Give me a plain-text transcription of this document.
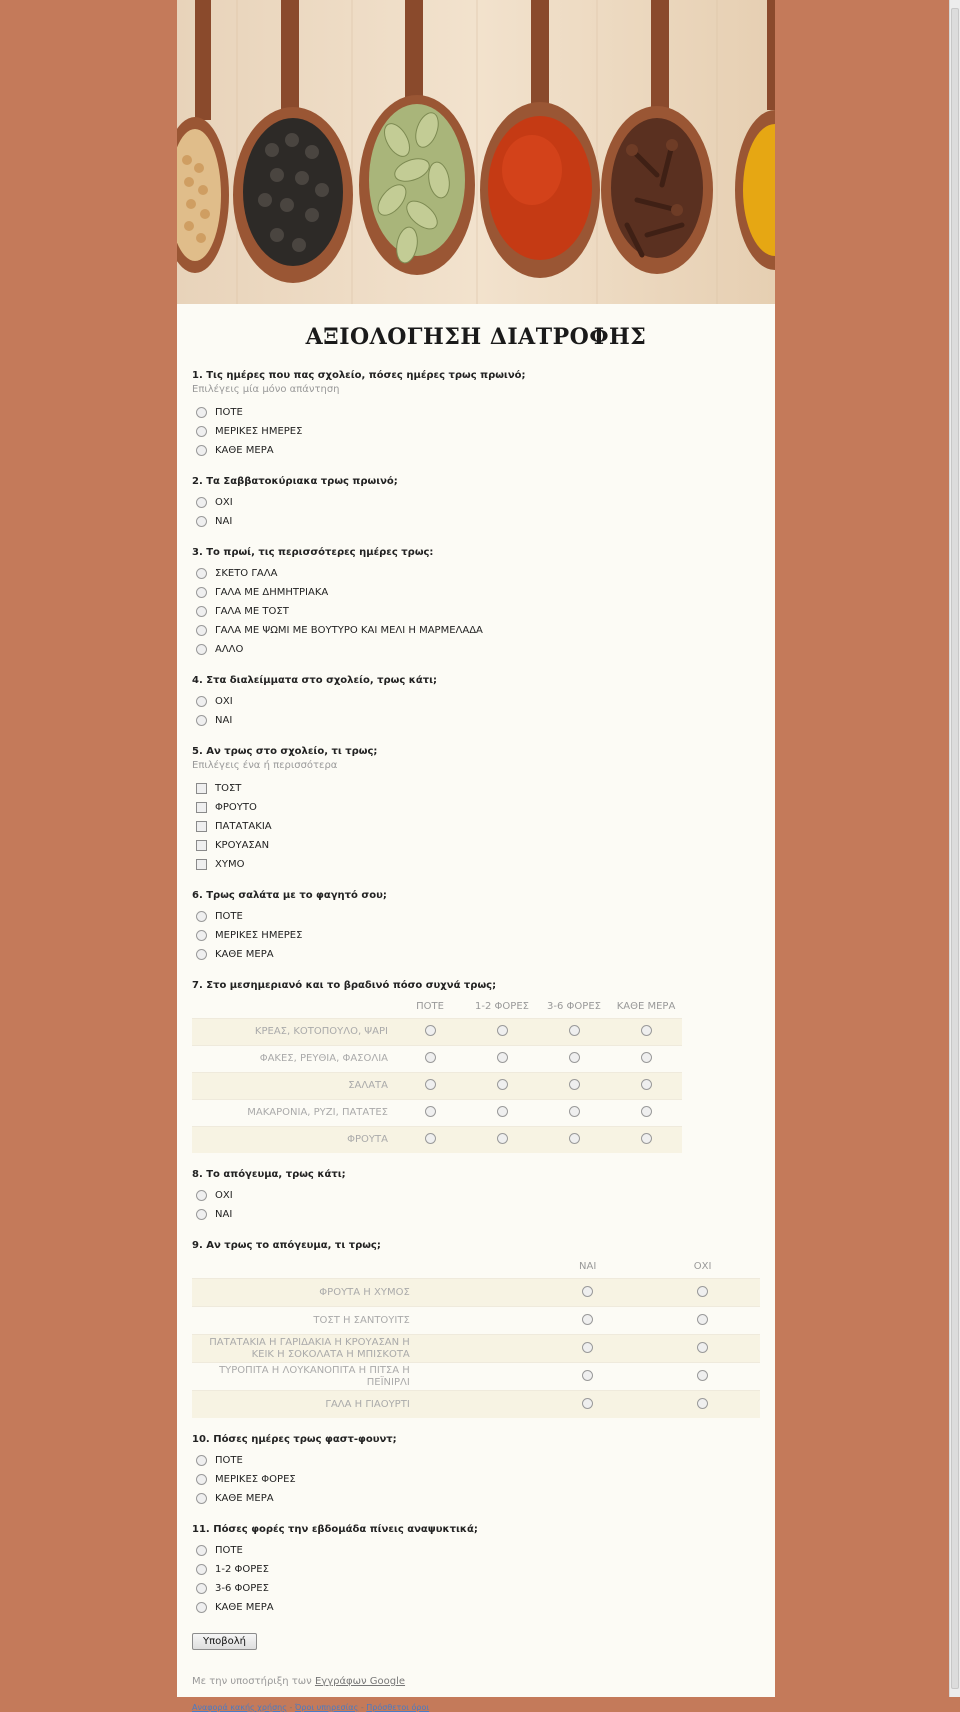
ΑΞΙΟΛΟΓΗΣΗ ΔΙΑΤΡΟΦΗΣ
1. Τις ημέρες που πας σχολείο, πόσες ημέρες τρως πρωινό;
Επιλέγεις μία μόνο απάντηση
ΠΟΤΕ
ΜΕΡΙΚΕΣ ΗΜΕΡΕΣ
ΚΑΘΕ ΜΕΡΑ
2. Τα Σαββατοκύριακα τρως πρωινό;
ΟΧΙ
ΝΑΙ
3. Το πρωί, τις περισσότερες ημέρες τρως:
ΣΚΕΤΟ ΓΑΛΑ
ΓΑΛΑ ΜΕ ΔΗΜΗΤΡΙΑΚΑ
ΓΑΛΑ ΜΕ ΤΟΣΤ
ΓΑΛΑ ΜΕ ΨΩΜΙ ΜΕ ΒΟΥΤΥΡΟ ΚΑΙ ΜΕΛΙ Η ΜΑΡΜΕΛΑΔΑ
ΑΛΛΟ
4. Στα διαλείμματα στο σχολείο, τρως κάτι;
ΟΧΙ
ΝΑΙ
5. Αν τρως στο σχολείο, τι τρως;
Επιλέγεις ένα ή περισσότερα
ΤΟΣΤ
ΦΡΟΥΤΟ
ΠΑΤΑΤΑΚΙΑ
ΚΡΟΥΑΣΑΝ
ΧΥΜΟ
6. Τρως σαλάτα με το φαγητό σου;
ΠΟΤΕ
ΜΕΡΙΚΕΣ ΗΜΕΡΕΣ
ΚΑΘΕ ΜΕΡΑ
7. Στο μεσημεριανό και το βραδινό πόσο συχνά τρως;
	ΠΟΤΕ	1-2 ΦΟΡΕΣ	3-6 ΦΟΡΕΣ	ΚΑΘΕ ΜΕΡΑ
ΚΡΕΑΣ, ΚΟΤΟΠΟΥΛΟ, ΨΑΡΙ				
ΦΑΚΕΣ, ΡΕΥΘΙΑ, ΦΑΣΟΛΙΑ				
ΣΑΛΑΤΑ				
ΜΑΚΑΡΟΝΙΑ, ΡΥΖΙ, ΠΑΤΑΤΕΣ				
ΦΡΟΥΤΑ				
8. Το απόγευμα, τρως κάτι;
ΟΧΙ
ΝΑΙ
9. Αν τρως το απόγευμα, τι τρως;
		ΝΑΙ	ΟΧΙ
ΦΡΟΥΤΑ Η ΧΥΜΟΣ			
ΤΟΣΤ Η ΣΑΝΤΟΥΙΤΣ			
ΠΑΤΑΤΑΚΙΑ Η ΓΑΡΙΔΑΚΙΑ Η ΚΡΟΥΑΣΑΝ Η ΚΕΙΚ Η ΣΟΚΟΛΑΤΑ Η ΜΠΙΣΚΟΤΑ			
ΤΥΡΟΠΙΤΑ Η ΛΟΥΚΑΝΟΠΙΤΑ Η ΠΙΤΣΑ Η ΠΕΪΝΙΡΛΙ			
ΓΑΛΑ Η ΓΙΑΟΥΡΤΙ			
10. Πόσες ημέρες τρως φαστ-φουντ;
ΠΟΤΕ
ΜΕΡΙΚΕΣ ΦΟΡΕΣ
ΚΑΘΕ ΜΕΡΑ
11. Πόσες φορές την εβδομάδα πίνεις αναψυκτικά;
ΠΟΤΕ
1-2 ΦΟΡΕΣ
3-6 ΦΟΡΕΣ
ΚΑΘΕ ΜΕΡΑ
Υποβολή
Με την υποστήριξη των Εγγράφων Google
Αναφορά κακής χρήσης - Όροι υπηρεσίας - Πρόσθετοι όροι
